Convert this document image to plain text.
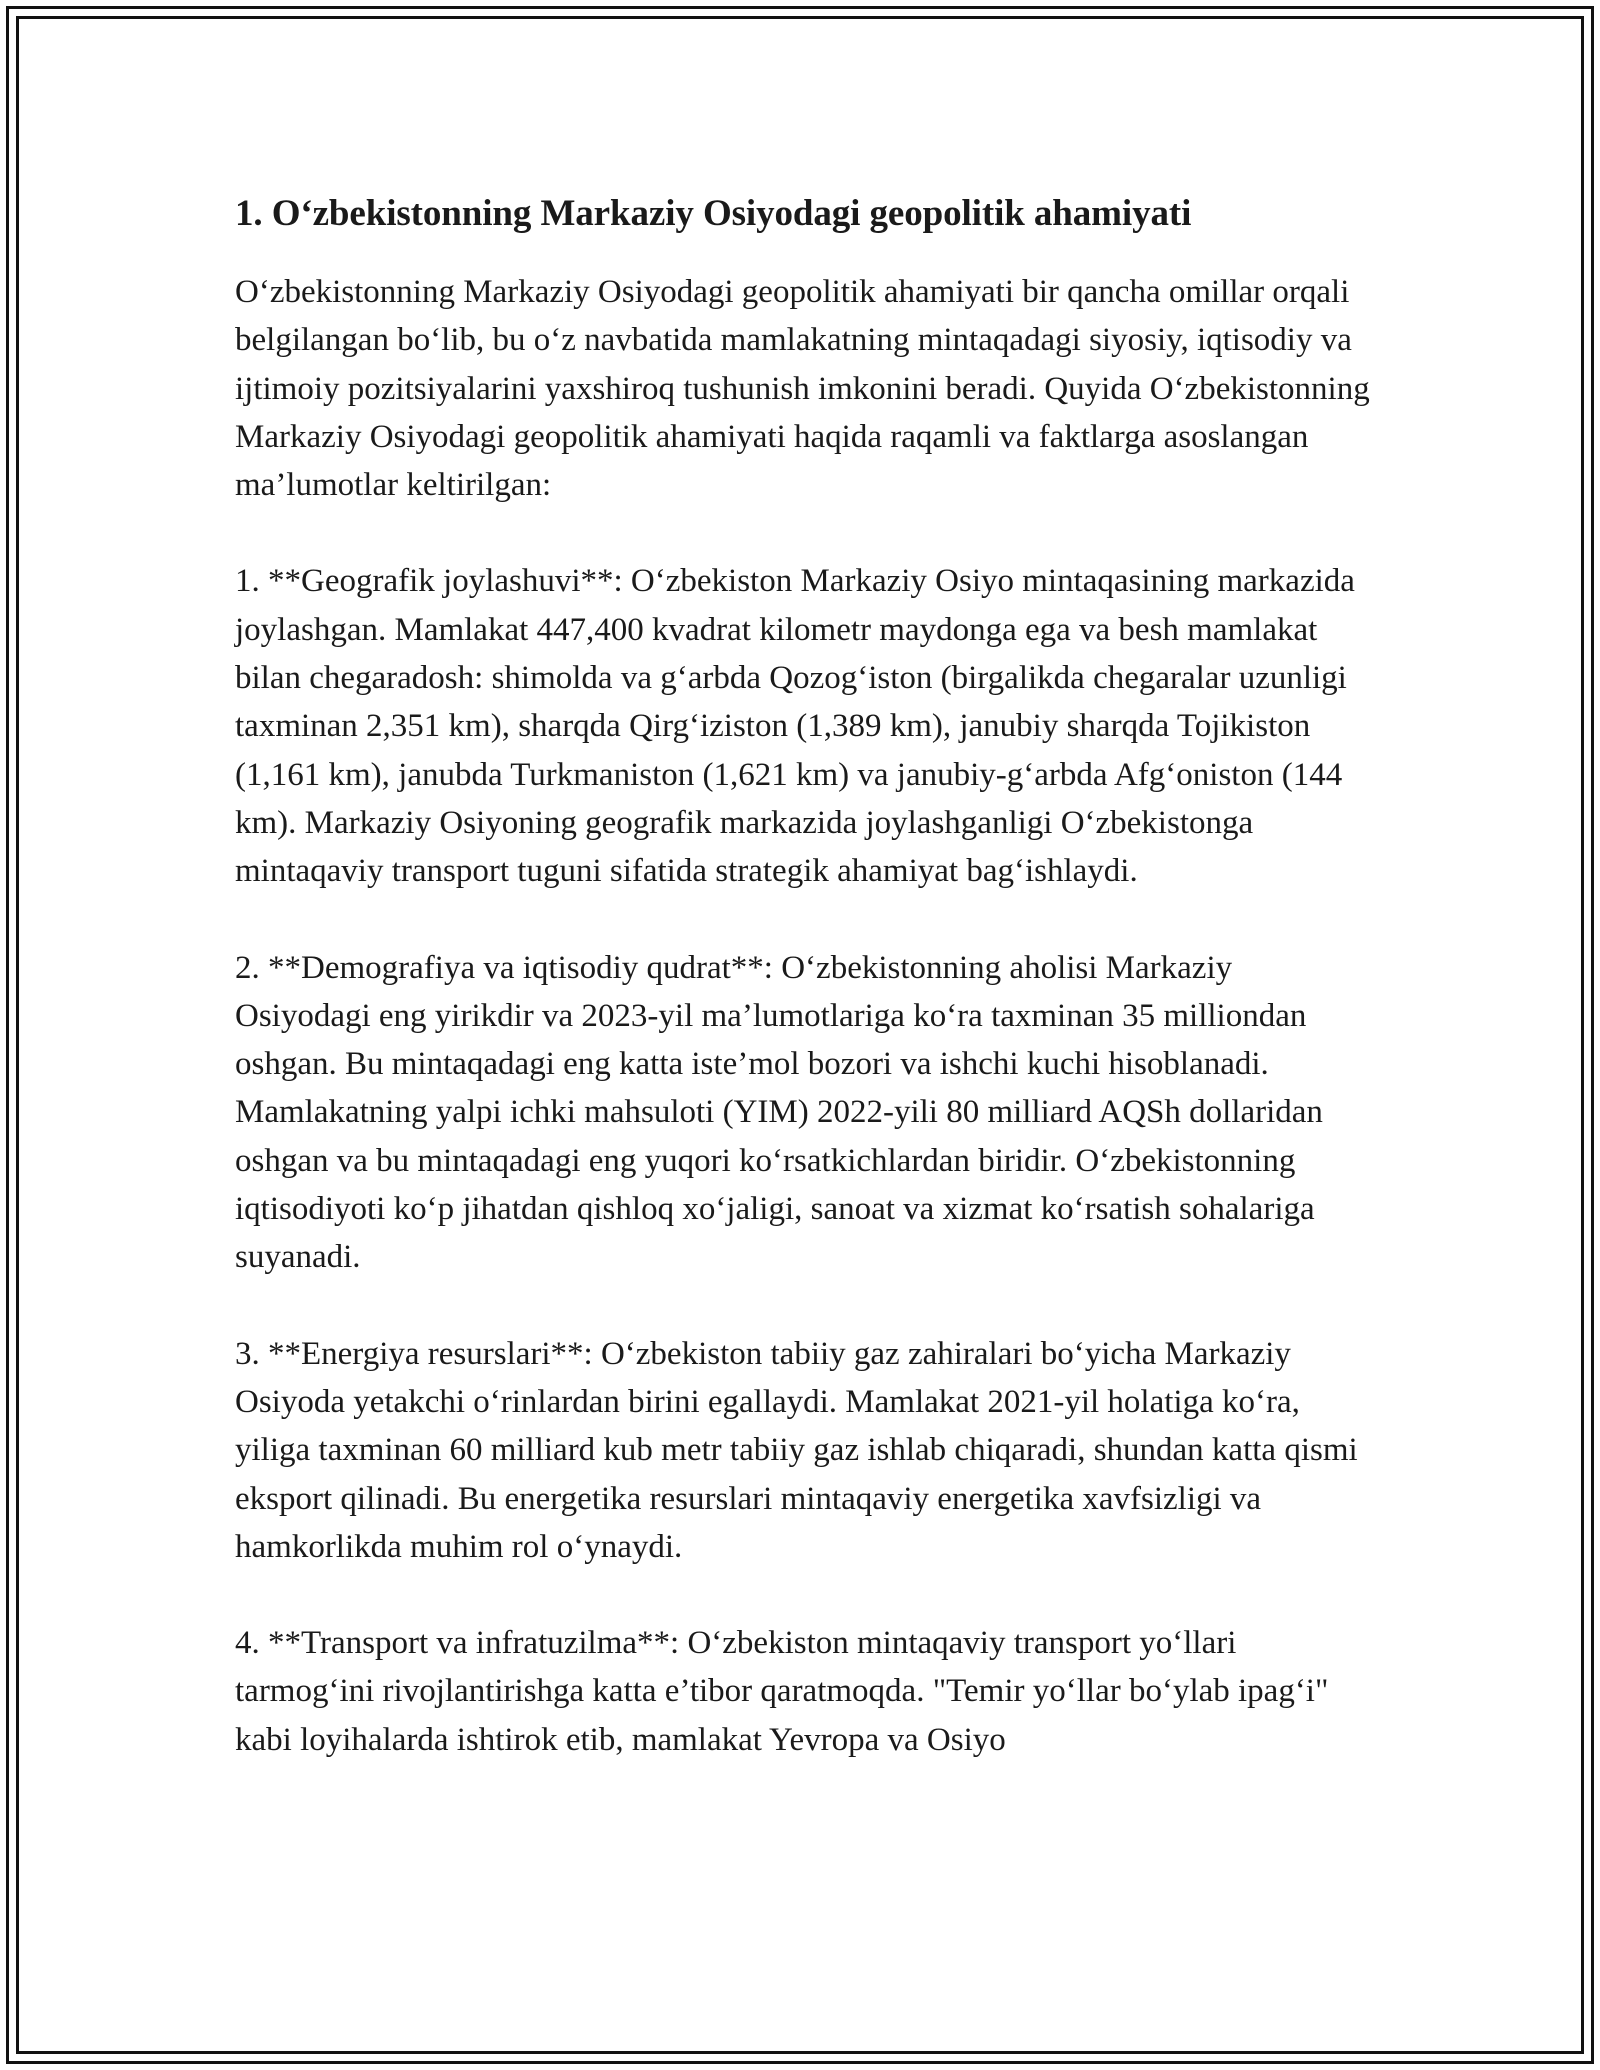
1. O‘zbekistonning Markaziy Osiyodagi geopolitik ahamiyati

O‘zbekistonning Markaziy Osiyodagi geopolitik ahamiyati bir qancha omillar orqali belgilangan bo‘lib, bu o‘z navbatida mamlakatning mintaqadagi siyosiy, iqtisodiy va ijtimoiy pozitsiyalarini yaxshiroq tushunish imkonini beradi. Quyida O‘zbekistonning Markaziy Osiyodagi geopolitik ahamiyati haqida raqamli va faktlarga asoslangan ma’lumotlar keltirilgan:

1. **Geografik joylashuvi**: O‘zbekiston Markaziy Osiyo mintaqasining markazida joylashgan. Mamlakat 447,400 kvadrat kilometr maydonga ega va besh mamlakat bilan chegaradosh: shimolda va g‘arbda Qozog‘iston (birgalikda chegaralar uzunligi taxminan 2,351 km), sharqda Qirg‘iziston (1,389 km), janubiy sharqda Tojikiston (1,161 km), janubda Turkmaniston (1,621 km) va janubiy-g‘arbda Afg‘oniston (144 km). Markaziy Osiyoning geografik markazida joylashganligi O‘zbekistonga mintaqaviy transport tuguni sifatida strategik ahamiyat bag‘ishlaydi.

2. **Demografiya va iqtisodiy qudrat**: O‘zbekistonning aholisi Markaziy Osiyodagi eng yirikdir va 2023-yil ma’lumotlariga ko‘ra taxminan 35 milliondan oshgan. Bu mintaqadagi eng katta iste’mol bozori va ishchi kuchi hisoblanadi. Mamlakatning yalpi ichki mahsuloti (YIM) 2022-yili 80 milliard AQSh dollaridan oshgan va bu mintaqadagi eng yuqori ko‘rsatkichlardan biridir. O‘zbekistonning iqtisodiyoti ko‘p jihatdan qishloq xo‘jaligi, sanoat va xizmat ko‘rsatish sohalariga suyanadi.

3. **Energiya resurslari**: O‘zbekiston tabiiy gaz zahiralari bo‘yicha Markaziy Osiyoda yetakchi o‘rinlardan birini egallaydi. Mamlakat 2021-yil holatiga ko‘ra, yiliga taxminan 60 milliard kub metr tabiiy gaz ishlab chiqaradi, shundan katta qismi eksport qilinadi. Bu energetika resurslari mintaqaviy energetika xavfsizligi va hamkorlikda muhim rol o‘ynaydi.

4. **Transport va infratuzilma**: O‘zbekiston mintaqaviy transport yo‘llari tarmog‘ini rivojlantirishga katta e’tibor qaratmoqda. "Temir yo‘llar bo‘ylab ipag‘i" kabi loyihalarda ishtirok etib, mamlakat Yevropa va Osiyo
